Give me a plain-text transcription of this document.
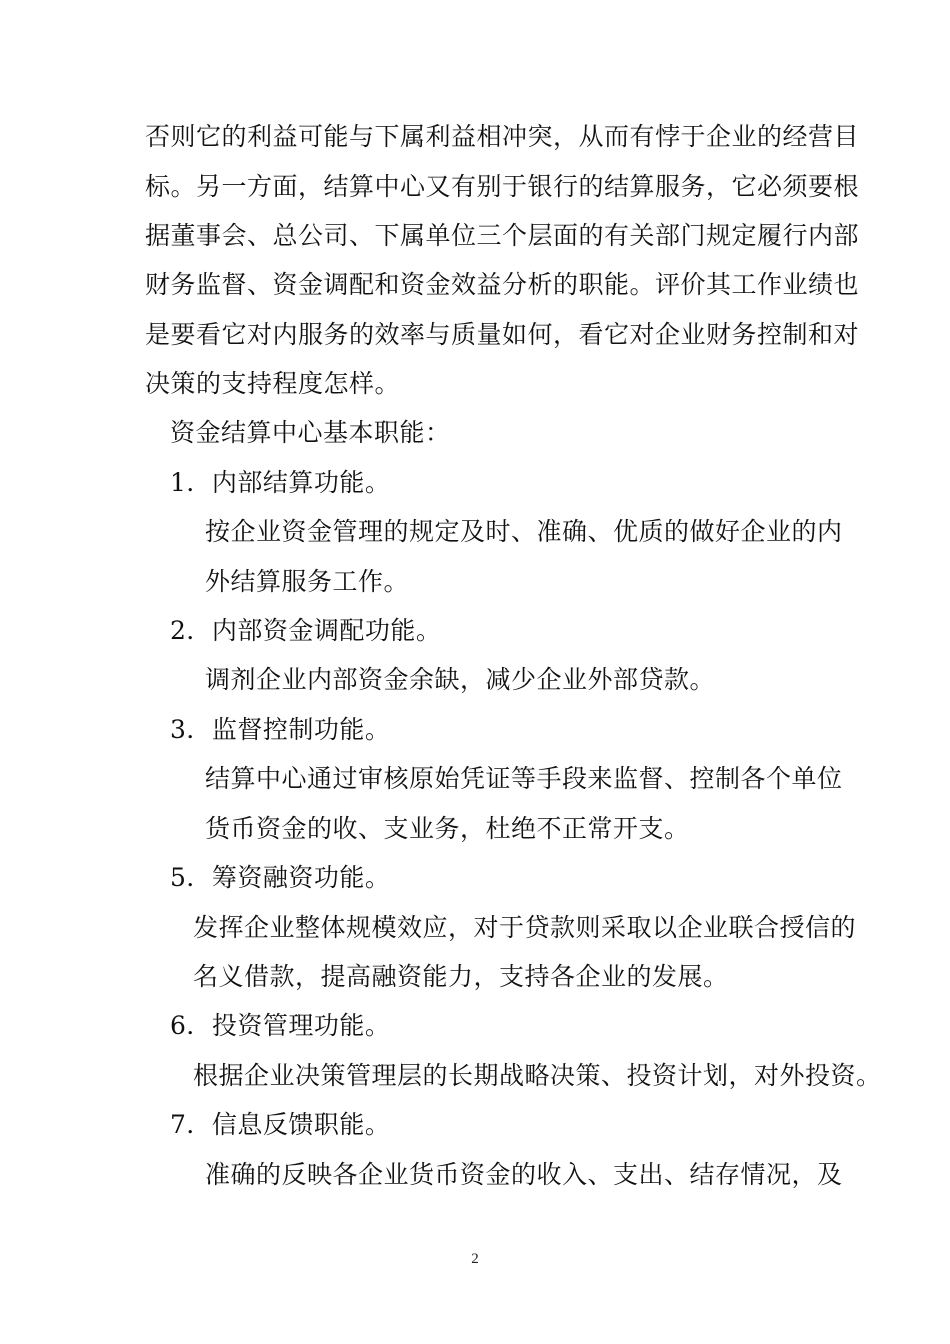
否则它的利益可能与下属利益相冲突，从而有悖于企业的经营目
标。另一方面，结算中心又有别于银行的结算服务，它必须要根
据董事会、总公司、下属单位三个层面的有关部门规定履行内部
财务监督、资金调配和资金效益分析的职能。评价其工作业绩也
是要看它对内服务的效率与质量如何，看它对企业财务控制和对
决策的支持程度怎样。
资金结算中心基本职能：
1．内部结算功能。
按企业资金管理的规定及时、准确、优质的做好企业的内
外结算服务工作。
2．内部资金调配功能。
调剂企业内部资金余缺，减少企业外部贷款。
3．监督控制功能。
结算中心通过审核原始凭证等手段来监督、控制各个单位
货币资金的收、支业务，杜绝不正常开支。
5．筹资融资功能。
发挥企业整体规模效应，对于贷款则采取以企业联合授信的
名义借款，提高融资能力，支持各企业的发展。
6．投资管理功能。
根据企业决策管理层的长期战略决策、投资计划，对外投资。
7．信息反馈职能。
准确的反映各企业货币资金的收入、支出、结存情况，及
2
